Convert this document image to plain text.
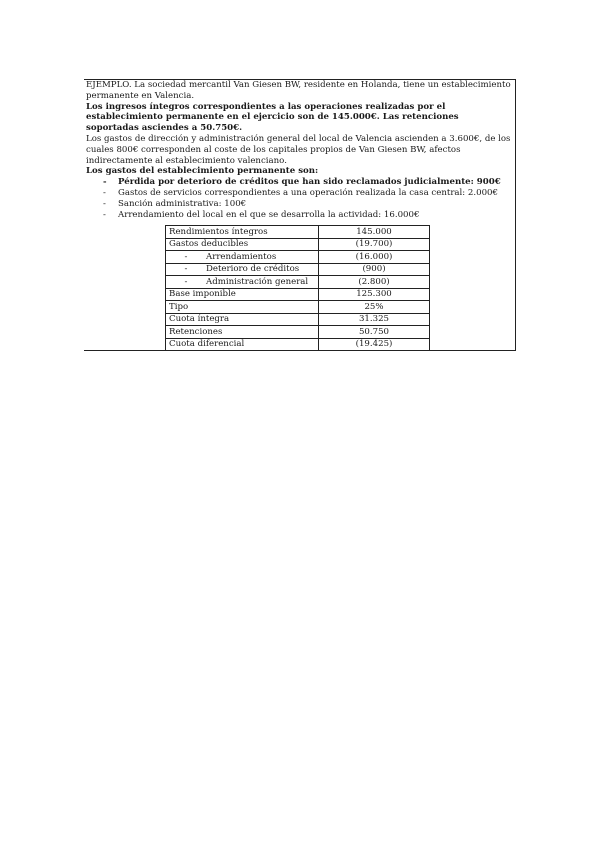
EJEMPLO. La sociedad mercantil Van Giesen BW, residente en Holanda, tiene un establecimiento permanente en Valencia.

Los ingresos íntegros correspondientes a las operaciones realizadas por el establecimiento permanente en el ejercicio son de 145.000€. Las retenciones soportadas asciendes a 50.750€.

Los gastos de dirección y administración general del local de Valencia ascienden a 3.600€, de los cuales 800€ corresponden al coste de los capitales propios de Van Giesen BW, afectos indirectamente al establecimiento valenciano.

Los gastos del establecimiento permanente son:

- Pérdida por deterioro de créditos que han sido reclamados judicialmente: 900€
- Gastos de servicios correspondientes a una operación realizada la casa central: 2.000€
- Sanción administrativa: 100€
- Arrendamiento del local en el que se desarrolla la actividad: 16.000€
Rendimientos íntegros	145.000
Gastos deducibles	(19.700)
- Arrendamientos	(16.000)
- Deterioro de créditos	(900)
- Administración general	(2.800)
Base imponible	125.300
Tipo	25%
Cuota íntegra	31.325
Retenciones	50.750
Cuota diferencial	(19.425)
